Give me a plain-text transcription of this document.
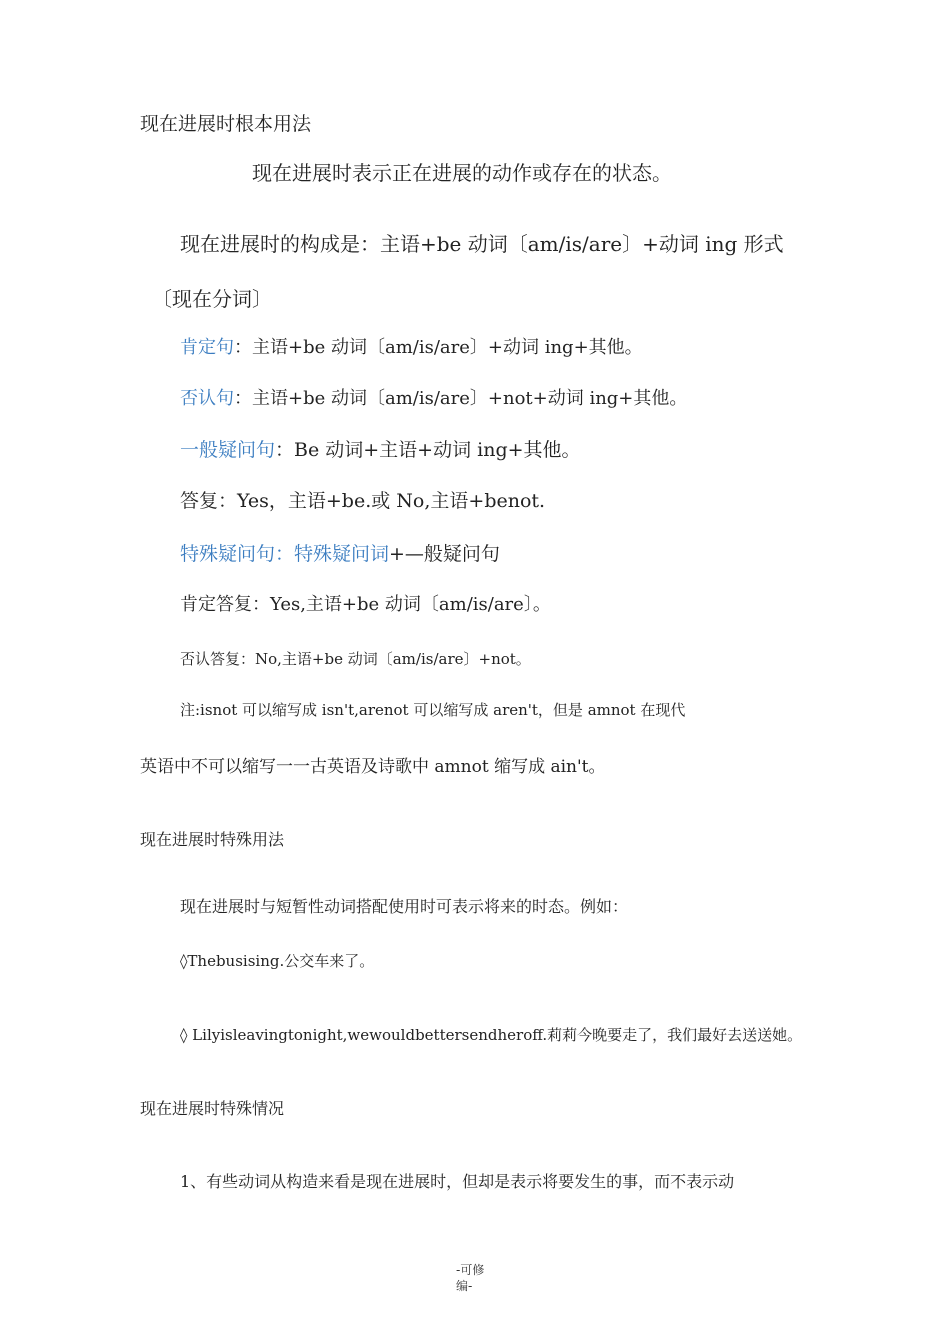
现在进展时根本用法
现在进展时表示正在进展的动作或存在的状态。
现在进展时的构成是：主语+be 动词〔am/is/are〕+动词 ing 形式
〔现在分词〕
肯定句：主语+be 动词〔am/is/are〕+动词 ing+其他。
否认句：主语+be 动词〔am/is/are〕+not+动词 ing+其他。
一般疑问句：Be 动词+主语+动词 ing+其他。
答复：Yes，主语+be.或 No,主语+benot.
特殊疑问句：特殊疑问词+—般疑问句
肯定答复：Yes,主语+be 动词〔am/is/are〕。
否认答复：No,主语+be 动词〔am/is/are〕+not。
注:isnot 可以缩写成 isn't,arenot 可以缩写成 aren't，但是 amnot 在现代
英语中不可以缩写一一古英语及诗歌中 amnot 缩写成 ain't。
现在进展时特殊用法
现在进展时与短暂性动词搭配使用时可表示将来的时态。例如：
◊Thebusising.公交车来了。
◊ Lilyisleavingtonight,wewouldbettersendheroff.莉莉今晚要走了，我们最好去送送她。
现在进展时特殊情况
1、有些动词从构造来看是现在进展时，但却是表示将要发生的事，而不表示动
-可修
编-
